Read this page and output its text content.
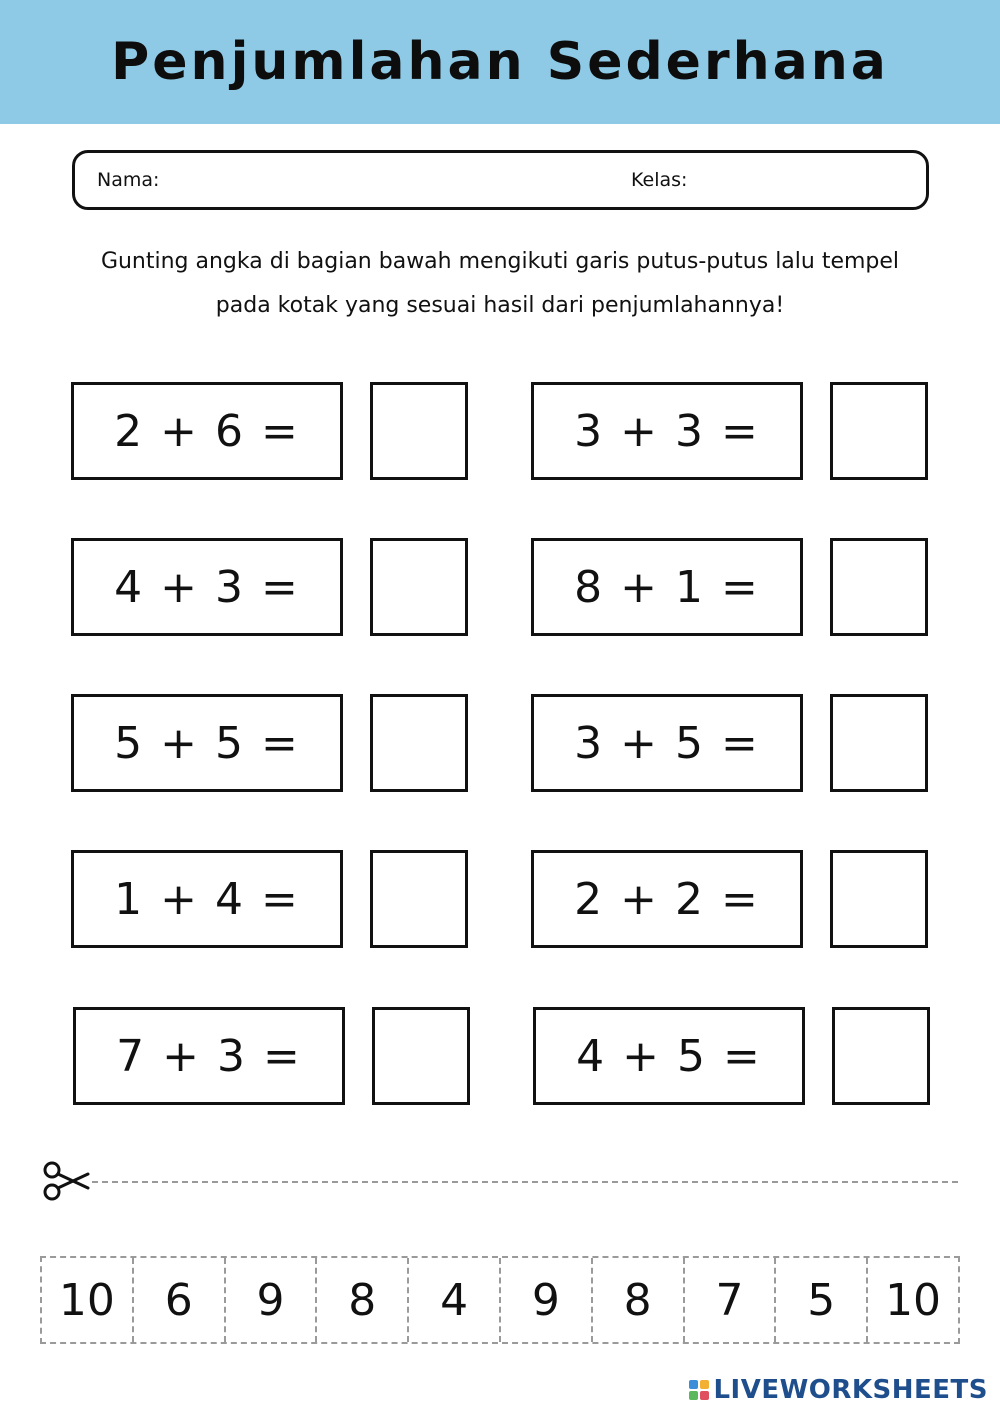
Penjumlahan Sederhana
Nama:	Kelas:
Gunting angka di bagian bawah mengikuti garis putus-putus lalu tempel
pada kotak yang sesuai hasil dari penjumlahannya!
2 + 6 =	3 + 3 =
4 + 3 =	8 + 1 =
5 + 5 =	3 + 5 =
1 + 4 =	2 + 2 =
7 + 3 =	4 + 5 =
10	6	9	8	4	9	8	7	5	10
LIVEWORKSHEETS
